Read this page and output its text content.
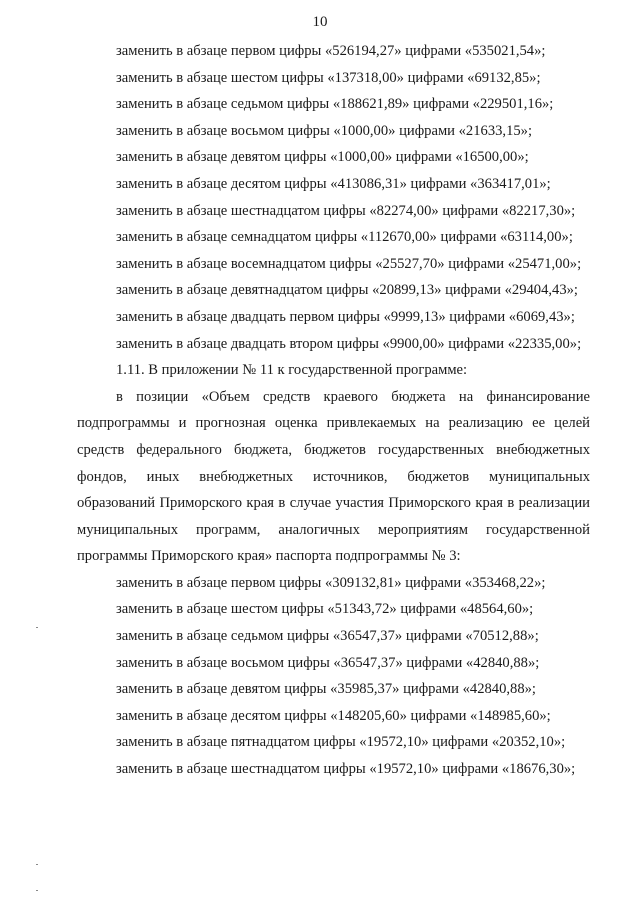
10

заменить в абзаце первом цифры «526194,27» цифрами «535021,54»;

заменить в абзаце шестом цифры «137318,00» цифрами «69132,85»;

заменить в абзаце седьмом цифры «188621,89» цифрами «229501,16»;

заменить в абзаце восьмом цифры «1000,00» цифрами «21633,15»;

заменить в абзаце девятом цифры «1000,00» цифрами «16500,00»;

заменить в абзаце десятом цифры «413086,31» цифрами «363417,01»;

заменить в абзаце шестнадцатом цифры «82274,00» цифрами «82217,30»;

заменить в абзаце семнадцатом цифры «112670,00» цифрами «63114,00»;

заменить в абзаце восемнадцатом цифры «25527,70» цифрами «25471,00»;

заменить в абзаце девятнадцатом цифры «20899,13» цифрами «29404,43»;

заменить в абзаце двадцать первом цифры «9999,13» цифрами «6069,43»;

заменить в абзаце двадцать втором цифры «9900,00» цифрами «22335,00»;

1.11. В приложении № 11 к государственной программе:

в позиции «Объем средств краевого бюджета на финансирование подпрограммы и прогнозная оценка привлекаемых на реализацию ее целей средств федерального бюджета, бюджетов государственных внебюджетных фондов, иных внебюджетных источников, бюджетов муниципальных образований Приморского края в случае участия Приморского края в реализации муниципальных программ, аналогичных мероприятиям государственной программы Приморского края» паспорта подпрограммы № 3:

заменить в абзаце первом цифры «309132,81» цифрами «353468,22»;

заменить в абзаце шестом цифры «51343,72» цифрами «48564,60»;

заменить в абзаце седьмом цифры «36547,37» цифрами «70512,88»;

заменить в абзаце восьмом цифры «36547,37» цифрами «42840,88»;

заменить в абзаце девятом цифры «35985,37» цифрами «42840,88»;

заменить в абзаце десятом цифры «148205,60» цифрами «148985,60»;

заменить в абзаце пятнадцатом цифры «19572,10» цифрами «20352,10»;

заменить в абзаце шестнадцатом цифры «19572,10» цифрами «18676,30»;
